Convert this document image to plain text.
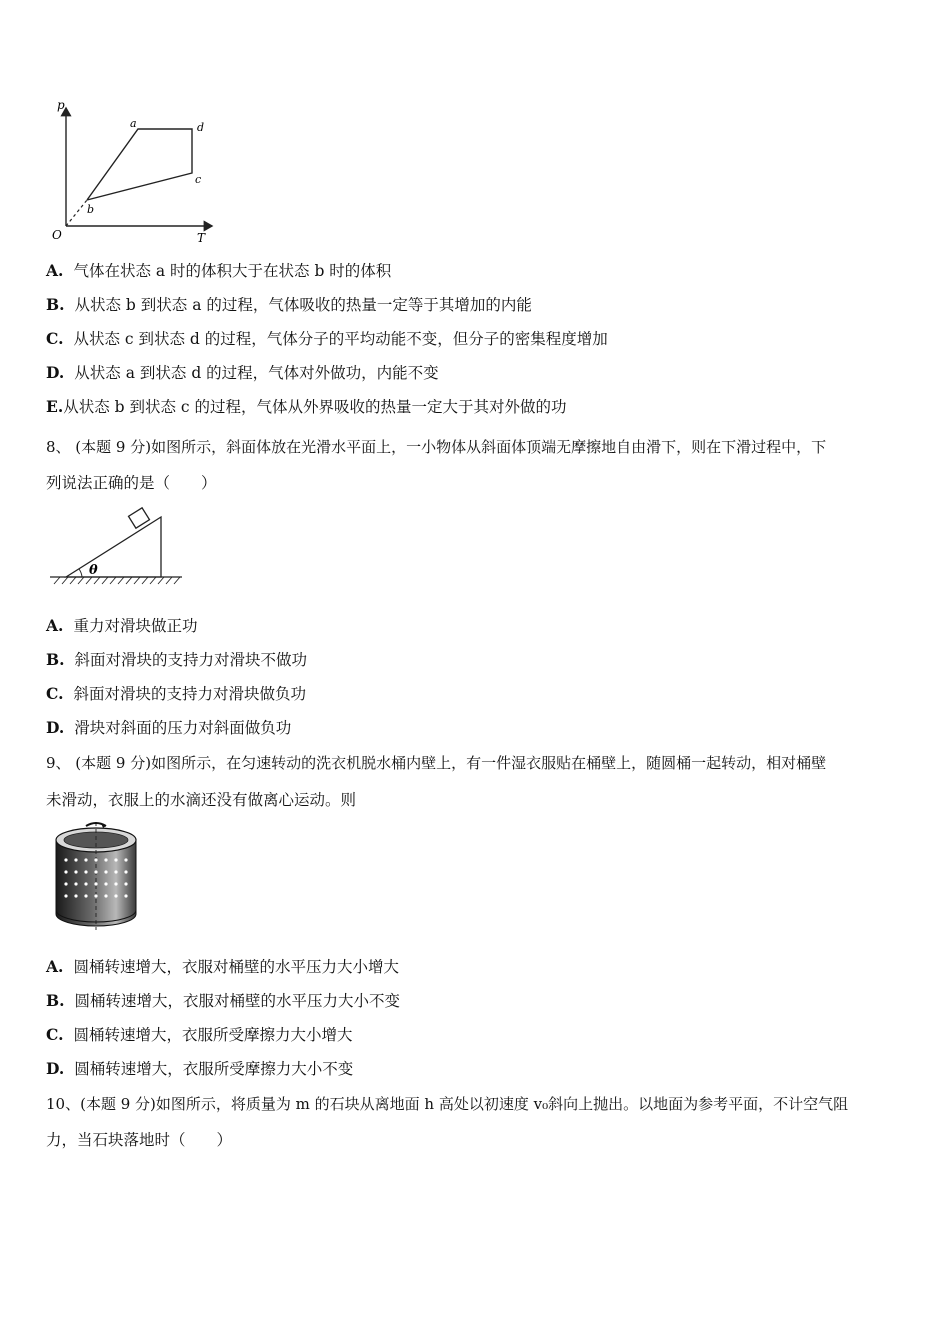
p
T
O
a
b
c
d
A. 气体在状态 a 时的体积大于在状态 b 时的体积
B. 从状态 b 到状态 a 的过程，气体吸收的热量一定等于其增加的内能
C. 从状态 c 到状态 d 的过程，气体分子的平均动能不变，但分子的密集程度增加
D. 从状态 a 到状态 d 的过程，气体对外做功，内能不变
E.从状态 b 到状态 c 的过程，气体从外界吸收的热量一定大于其对外做的功
8、 (本题 9 分)如图所示，斜面体放在光滑水平面上，一小物体从斜面体顶端无摩擦地自由滑下，则在下滑过程中，下
列说法正确的是（　　）
θ
A. 重力对滑块做正功
B. 斜面对滑块的支持力对滑块不做功
C. 斜面对滑块的支持力对滑块做负功
D. 滑块对斜面的压力对斜面做负功
9、 (本题 9 分)如图所示，在匀速转动的洗衣机脱水桶内壁上，有一件湿衣服贴在桶壁上，随圆桶一起转动，相对桶壁
未滑动，衣服上的水滴还没有做离心运动。则
A. 圆桶转速增大，衣服对桶壁的水平压力大小增大
B. 圆桶转速增大，衣服对桶壁的水平压力大小不变
C. 圆桶转速增大，衣服所受摩擦力大小增大
D. 圆桶转速增大，衣服所受摩擦力大小不变
10、(本题 9 分)如图所示，将质量为 m 的石块从离地面 h 高处以初速度 v₀斜向上抛出。以地面为参考平面，不计空气阻
力，当石块落地时（　　）
